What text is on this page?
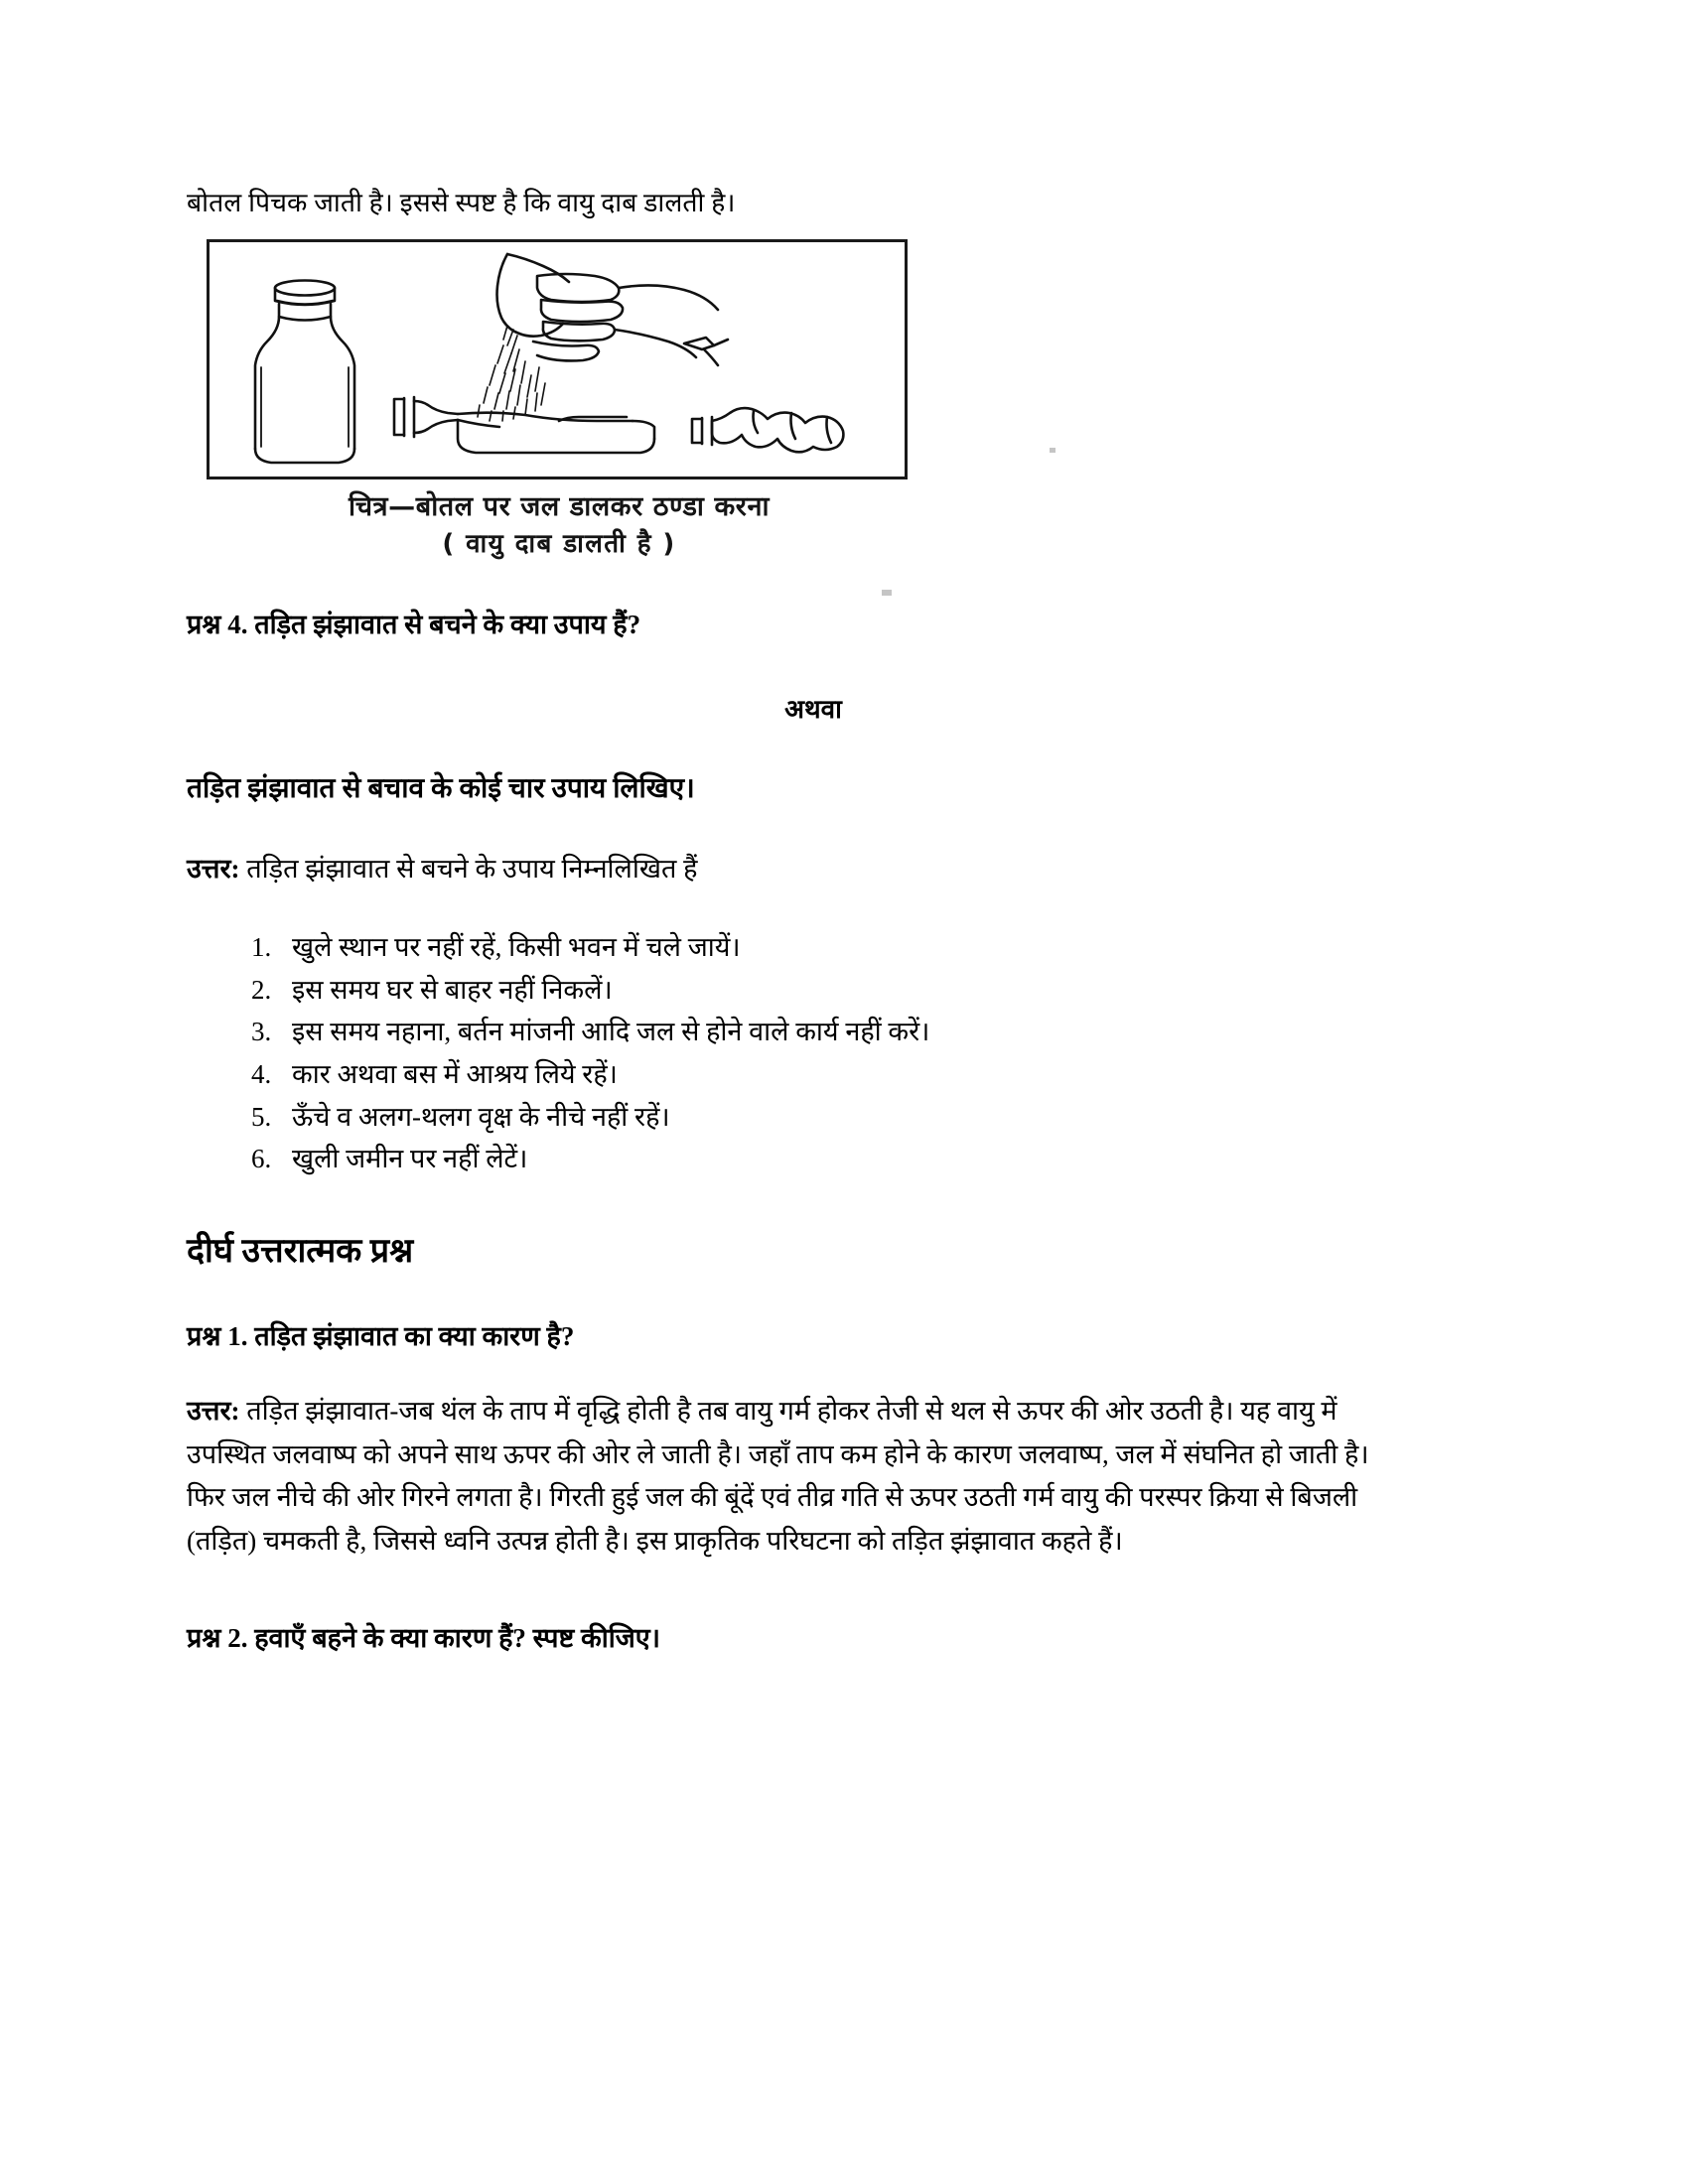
बोतल पिचक जाती है। इससे स्पष्ट है कि वायु दाब डालती है।

चित्र—बोतल पर जल डालकर ठण्डा करना
( वायु दाब डालती है )
प्रश्न 4. तड़ित झंझावात से बचने के क्या उपाय हैं?

अथवा

तड़ित झंझावात से बचाव के कोई चार उपाय लिखिए।

उत्तर: तड़ित झंझावात से बचने के उपाय निम्नलिखित हैं

1. खुले स्थान पर नहीं रहें, किसी भवन में चले जायें।
2. इस समय घर से बाहर नहीं निकलें।
3. इस समय नहाना, बर्तन मांजनी आदि जल से होने वाले कार्य नहीं करें।
4. कार अथवा बस में आश्रय लिये रहें।
5. ऊँचे व अलग-थलग वृक्ष के नीचे नहीं रहें।
6. खुली जमीन पर नहीं लेटें।
दीर्घ उत्तरात्मक प्रश्न
प्रश्न 1. तड़ित झंझावात का क्या कारण है?

उत्तर: तड़ित झंझावात-जब थंल के ताप में वृद्धि होती है तब वायु गर्म होकर तेजी से थल से ऊपर की ओर उठती है। यह वायु में उपस्थित जलवाष्प को अपने साथ ऊपर की ओर ले जाती है। जहाँ ताप कम होने के कारण जलवाष्प, जल में संघनित हो जाती है। फिर जल नीचे की ओर गिरने लगता है। गिरती हुई जल की बूंदें एवं तीव्र गति से ऊपर उठती गर्म वायु की परस्पर क्रिया से बिजली (तड़ित) चमकती है, जिससे ध्वनि उत्पन्न होती है। इस प्राकृतिक परिघटना को तड़ित झंझावात कहते हैं।

प्रश्न 2. हवाएँ बहने के क्या कारण हैं? स्पष्ट कीजिए।
